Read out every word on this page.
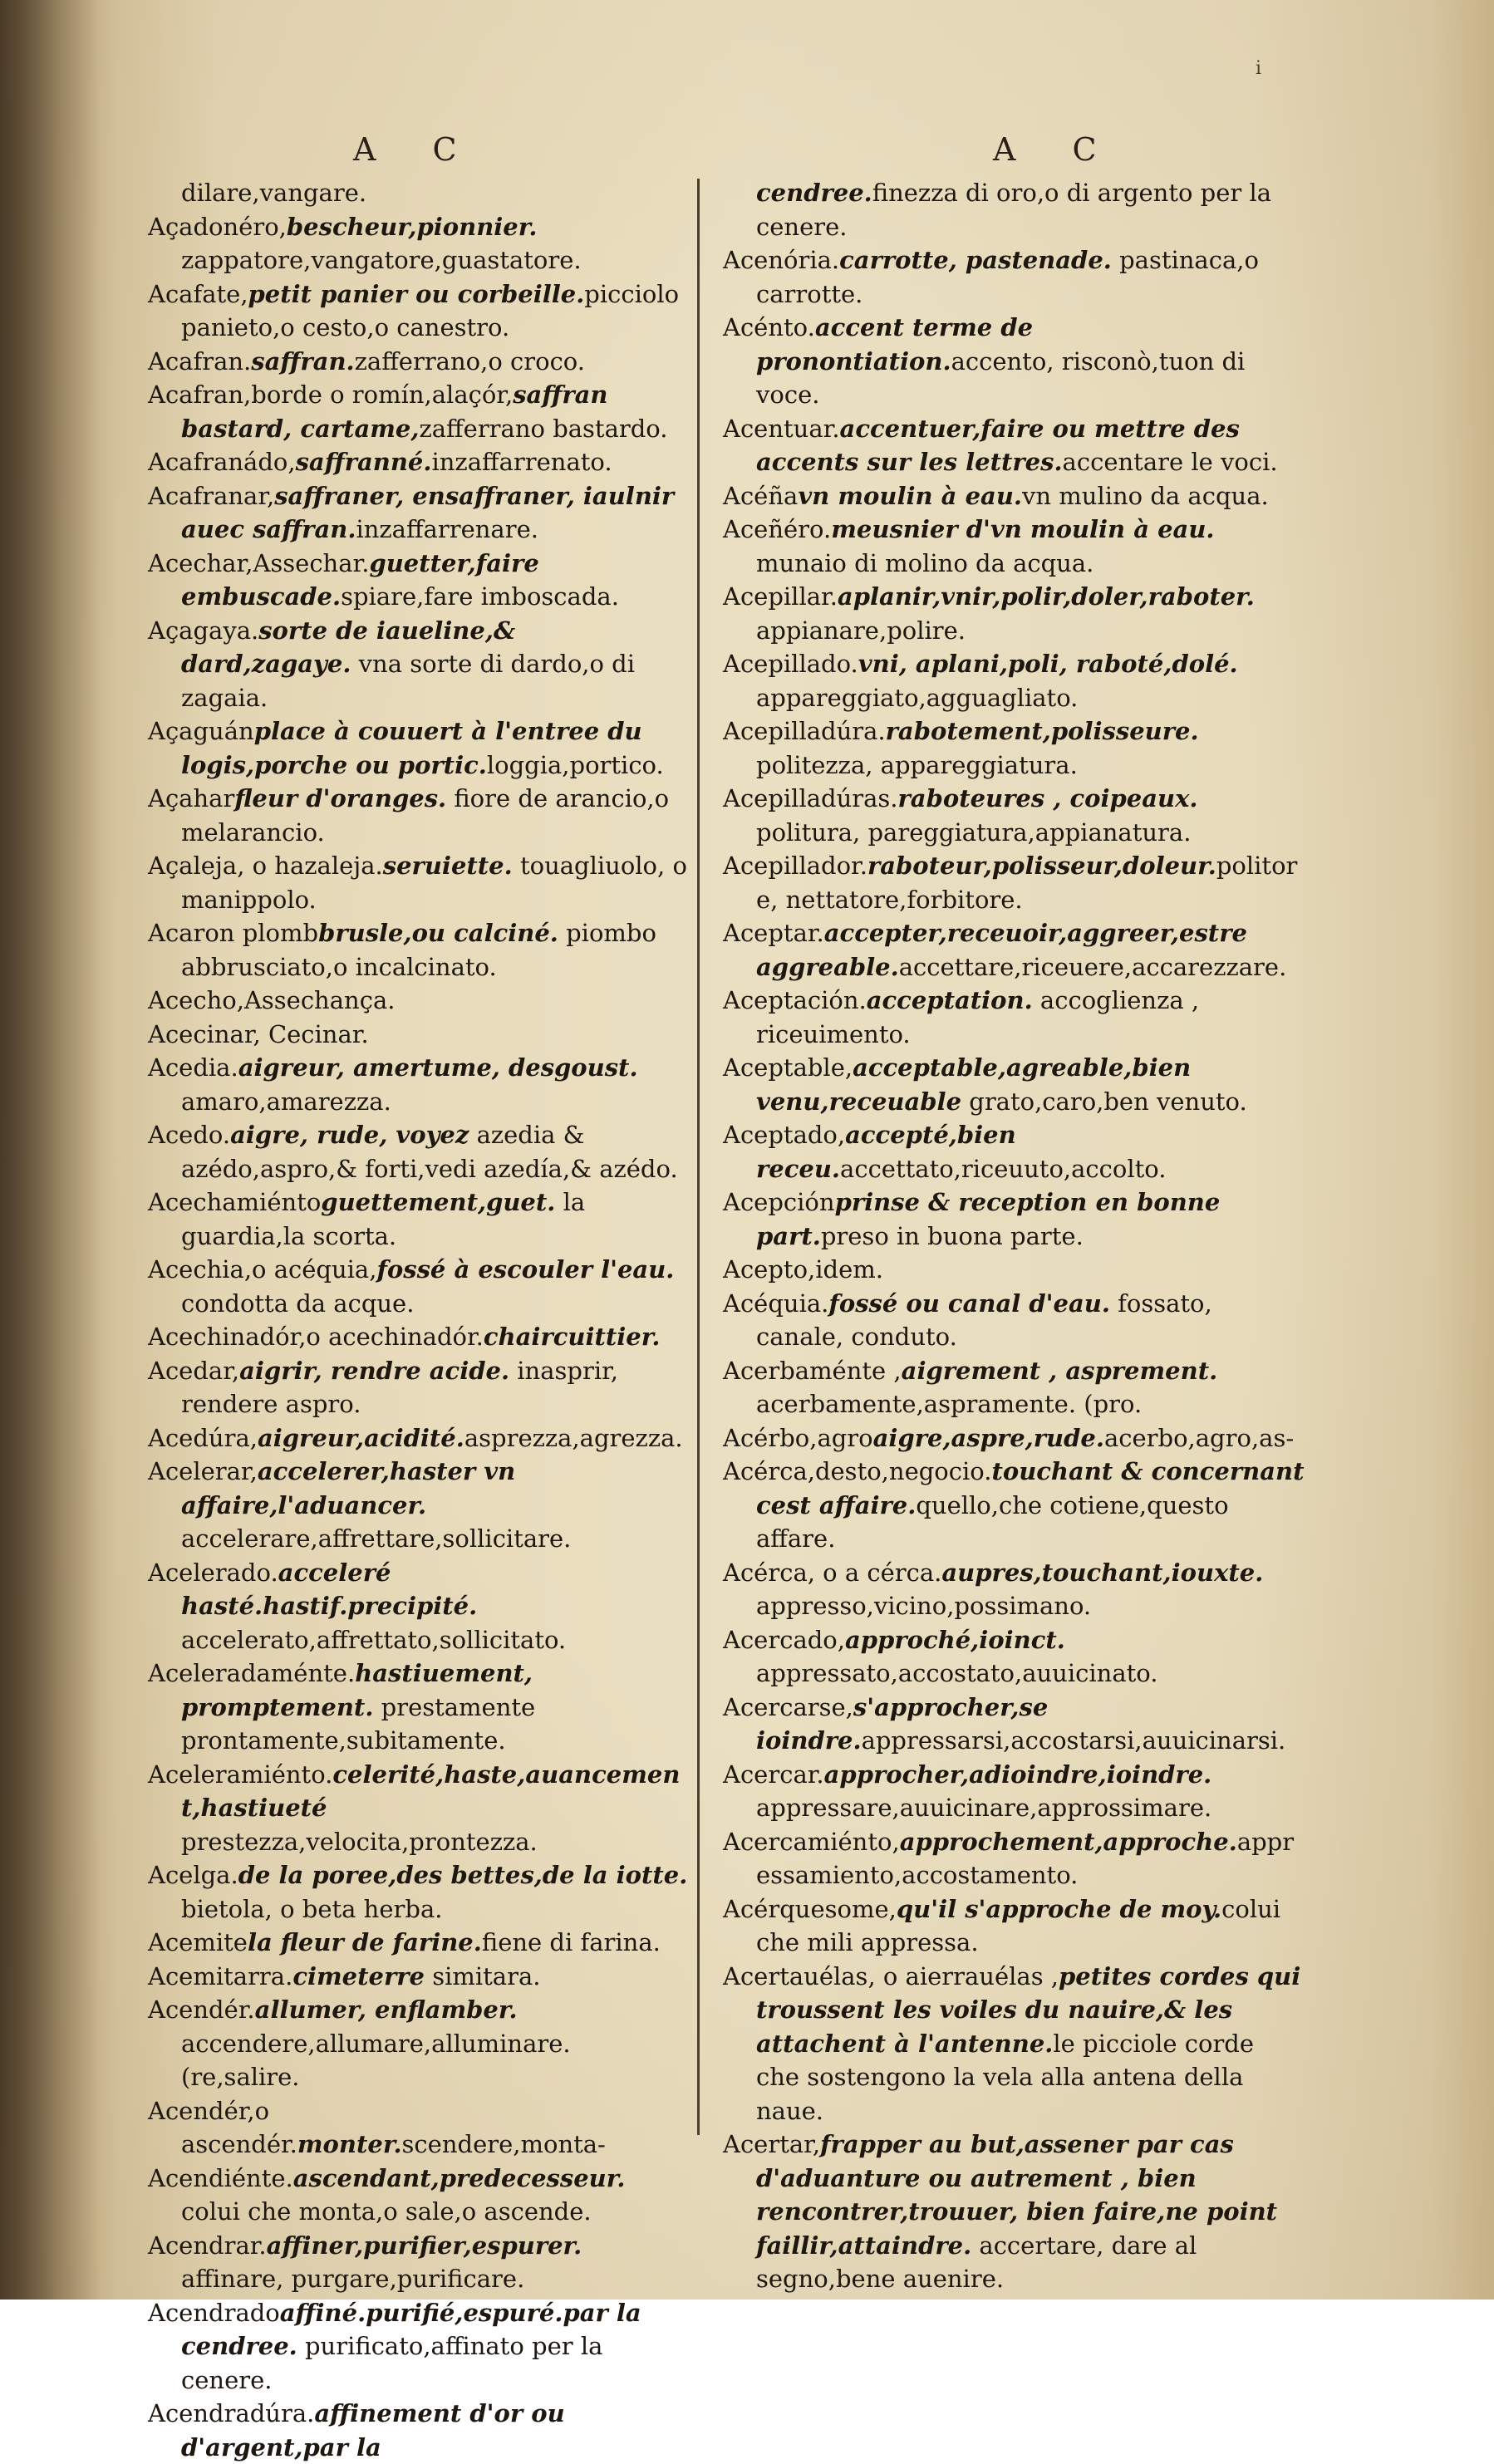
i
A C	A C

dilare,vangare.

Açadonéro,bescheur,pionnier. zappatore,vangatore,guastatore.

Acafate,petit panier ou corbeille.picciolo panieto,o cesto,o canestro.

Acafran.saffran.zafferrano,o croco.

Acafran,borde o romín,alaçór,saffran bastard, cartame,zafferrano bastardo.

Acafranádo,saffranné.inzaffarrenato.

Acafranar,saffraner, ensaffraner, iaulnir auec saffran.inzaffarrenare.

Acechar,Assechar.guetter,faire embuscade.spiare,fare imboscada.

Açagaya.sorte de iaueline,& dard,zagaye. vna sorte di dardo,o di zagaia.

Açaguánplace à couuert à l'entree du logis,porche ou portic.loggia,portico.

Açaharfleur d'oranges. fiore de arancio,o melarancio.

Açaleja, o hazaleja.seruiette. touagliuolo, o manippolo.

Acaron plombbrusle,ou calciné. piombo abbrusciato,o incalcinato.

Acecho,Assechança.

Acecinar, Cecinar.

Acedia.aigreur, amertume, desgoust. amaro,amarezza.

Acedo.aigre, rude, voyez azedia & azédo,aspro,& forti,vedi azedía,& azédo.

Acechamiéntoguettement,guet. la guardia,la scorta.

Acechia,o acéquia,fossé à escouler l'eau. condotta da acque.

Acechinadór,o acechinadór.chaircuittier.

Acedar,aigrir, rendre acide. inasprir, rendere aspro.

Acedúra,aigreur,acidité.asprezza,agrezza.

Acelerar,accelerer,haster vn affaire,l'aduancer. accelerare,affrettare,sollicitare.

Acelerado.acceleré hasté.hastif.precipité. accelerato,affrettato,sollicitato.

Aceleradaménte.hastiuement, promptement. prestamente prontamente,subitamente.

Aceleramiénto.celerité,haste,auancement,hastiueté prestezza,velocita,prontezza.

Acelga.de la poree,des bettes,de la iotte. bietola, o beta herba.

Acemitela fleur de farine.fiene di farina.

Acemitarra.cimeterre simitara.

Acendér.allumer, enflamber. accendere,allumare,alluminare. (re,salire.

Acendér,o ascendér.monter.scendere,monta-

Acendiénte.ascendant,predecesseur. colui che monta,o sale,o ascende.

Acendrar.affiner,purifier,espurer. affinare, purgare,purificare.

Acendradoaffiné.purifié,espuré.par la cendree. purificato,affinato per la cenere.

Acendradúra.affinement d'or ou d'argent,par la

cendree.finezza di oro,o di argento per la cenere.

Acenória.carrotte, pastenade. pastinaca,o carrotte.

Acénto.accent terme de pronontiation.accento, risconò,tuon di voce.

Acentuar.accentuer,faire ou mettre des accents sur les lettres.accentare le voci.

Acéñavn moulin à eau.vn mulino da acqua.

Aceñéro.meusnier d'vn moulin à eau. munaio di molino da acqua.

Acepillar.aplanir,vnir,polir,doler,raboter. appianare,polire.

Acepillado.vni, aplani,poli, raboté,dolé. appareggiato,agguagliato.

Acepilladúra.rabotement,polisseure. politezza, appareggiatura.

Acepilladúras.raboteures , coipeaux. politura, pareggiatura,appianatura.

Acepillador.raboteur,polisseur,doleur.politore, nettatore,forbitore.

Aceptar.accepter,receuoir,aggreer,estre aggreable.accettare,riceuere,accarezzare.

Aceptación.acceptation. accoglienza , riceuimento.

Aceptable,acceptable,agreable,bien venu,receuable grato,caro,ben venuto.

Aceptado,accepté,bien receu.accettato,riceuuto,accolto.

Acepciónprinse & reception en bonne part.preso in buona parte.

Acepto,idem.

Acéquia.fossé ou canal d'eau. fossato, canale, conduto.

Acerbaménte ,aigrement , asprement. acerbamente,aspramente. (pro.

Acérbo,agroaigre,aspre,rude.acerbo,agro,as-

Acérca,desto,negocio.touchant & concernant cest affaire.quello,che cotiene,questo affare.

Acérca, o a cérca.aupres,touchant,iouxte. appresso,vicino,possimano.

Acercado,approché,ioinct. appressato,accostato,auuicinato.

Acercarse,s'approcher,se ioindre.appressarsi,accostarsi,auuicinarsi.

Acercar.approcher,adioindre,ioindre. appressare,auuicinare,approssimare.

Acercamiénto,approchement,approche.appressamiento,accostamento.

Acérquesome,qu'il s'approche de moy.colui che mili appressa.

Acertauélas, o aierrauélas ,petites cordes qui troussent les voiles du nauire,& les attachent à l'antenne.le picciole corde che sostengono la vela alla antena della naue.

Acertar,frapper au but,assener par cas d'aduanture ou autrement , bien rencontrer,trouuer, bien faire,ne point faillir,attaindre. accertare, dare al segno,bene auenire.
